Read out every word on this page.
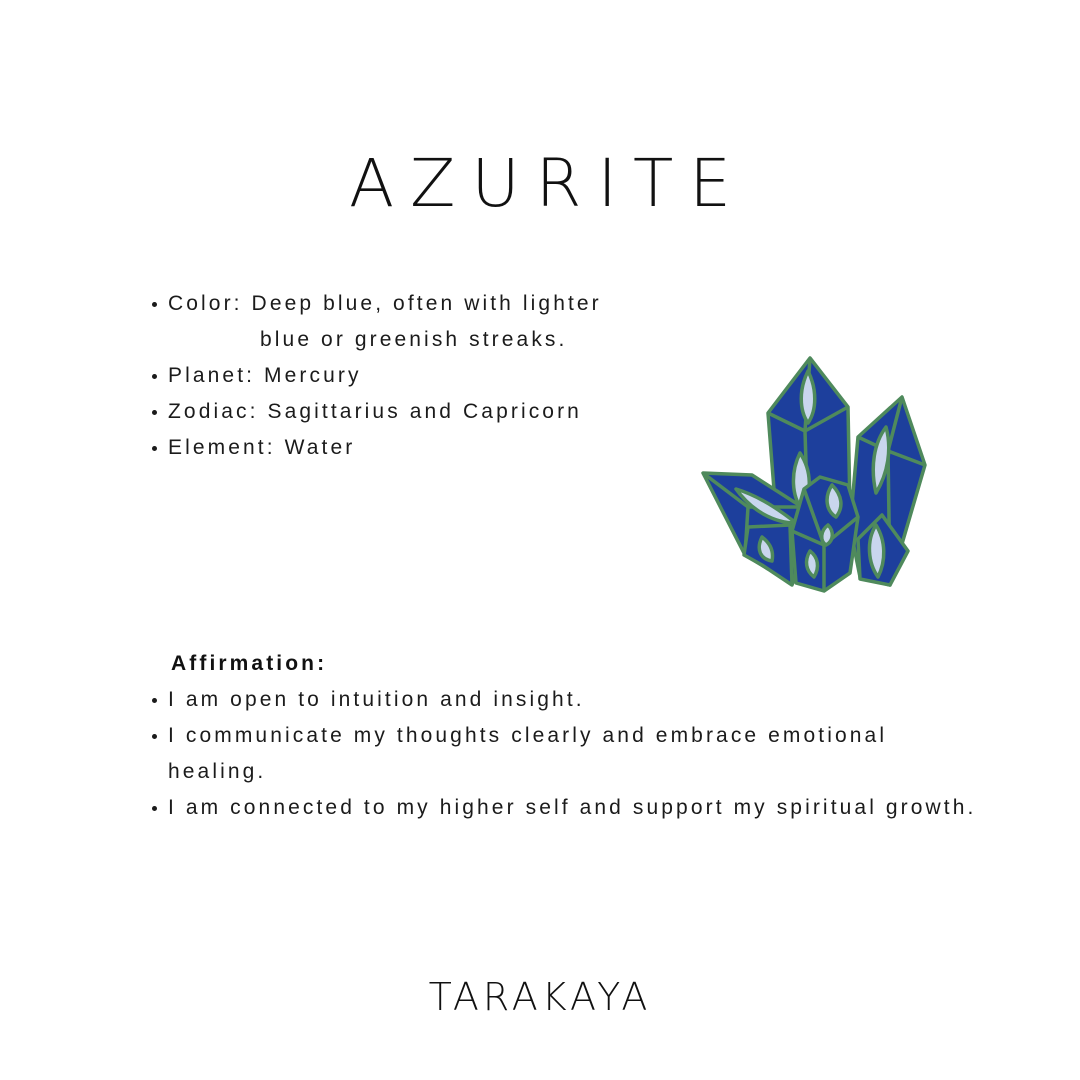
AZURITE
Color: Deep blue, often with lighter
blue or greenish streaks.
Planet: Mercury
Zodiac: Sagittarius and Capricorn
Element: Water
Affirmation:
I am open to intuition and insight.
I communicate my thoughts clearly and embrace emotional healing.
I am connected to my higher self and support my spiritual growth.
TARAKAYA
